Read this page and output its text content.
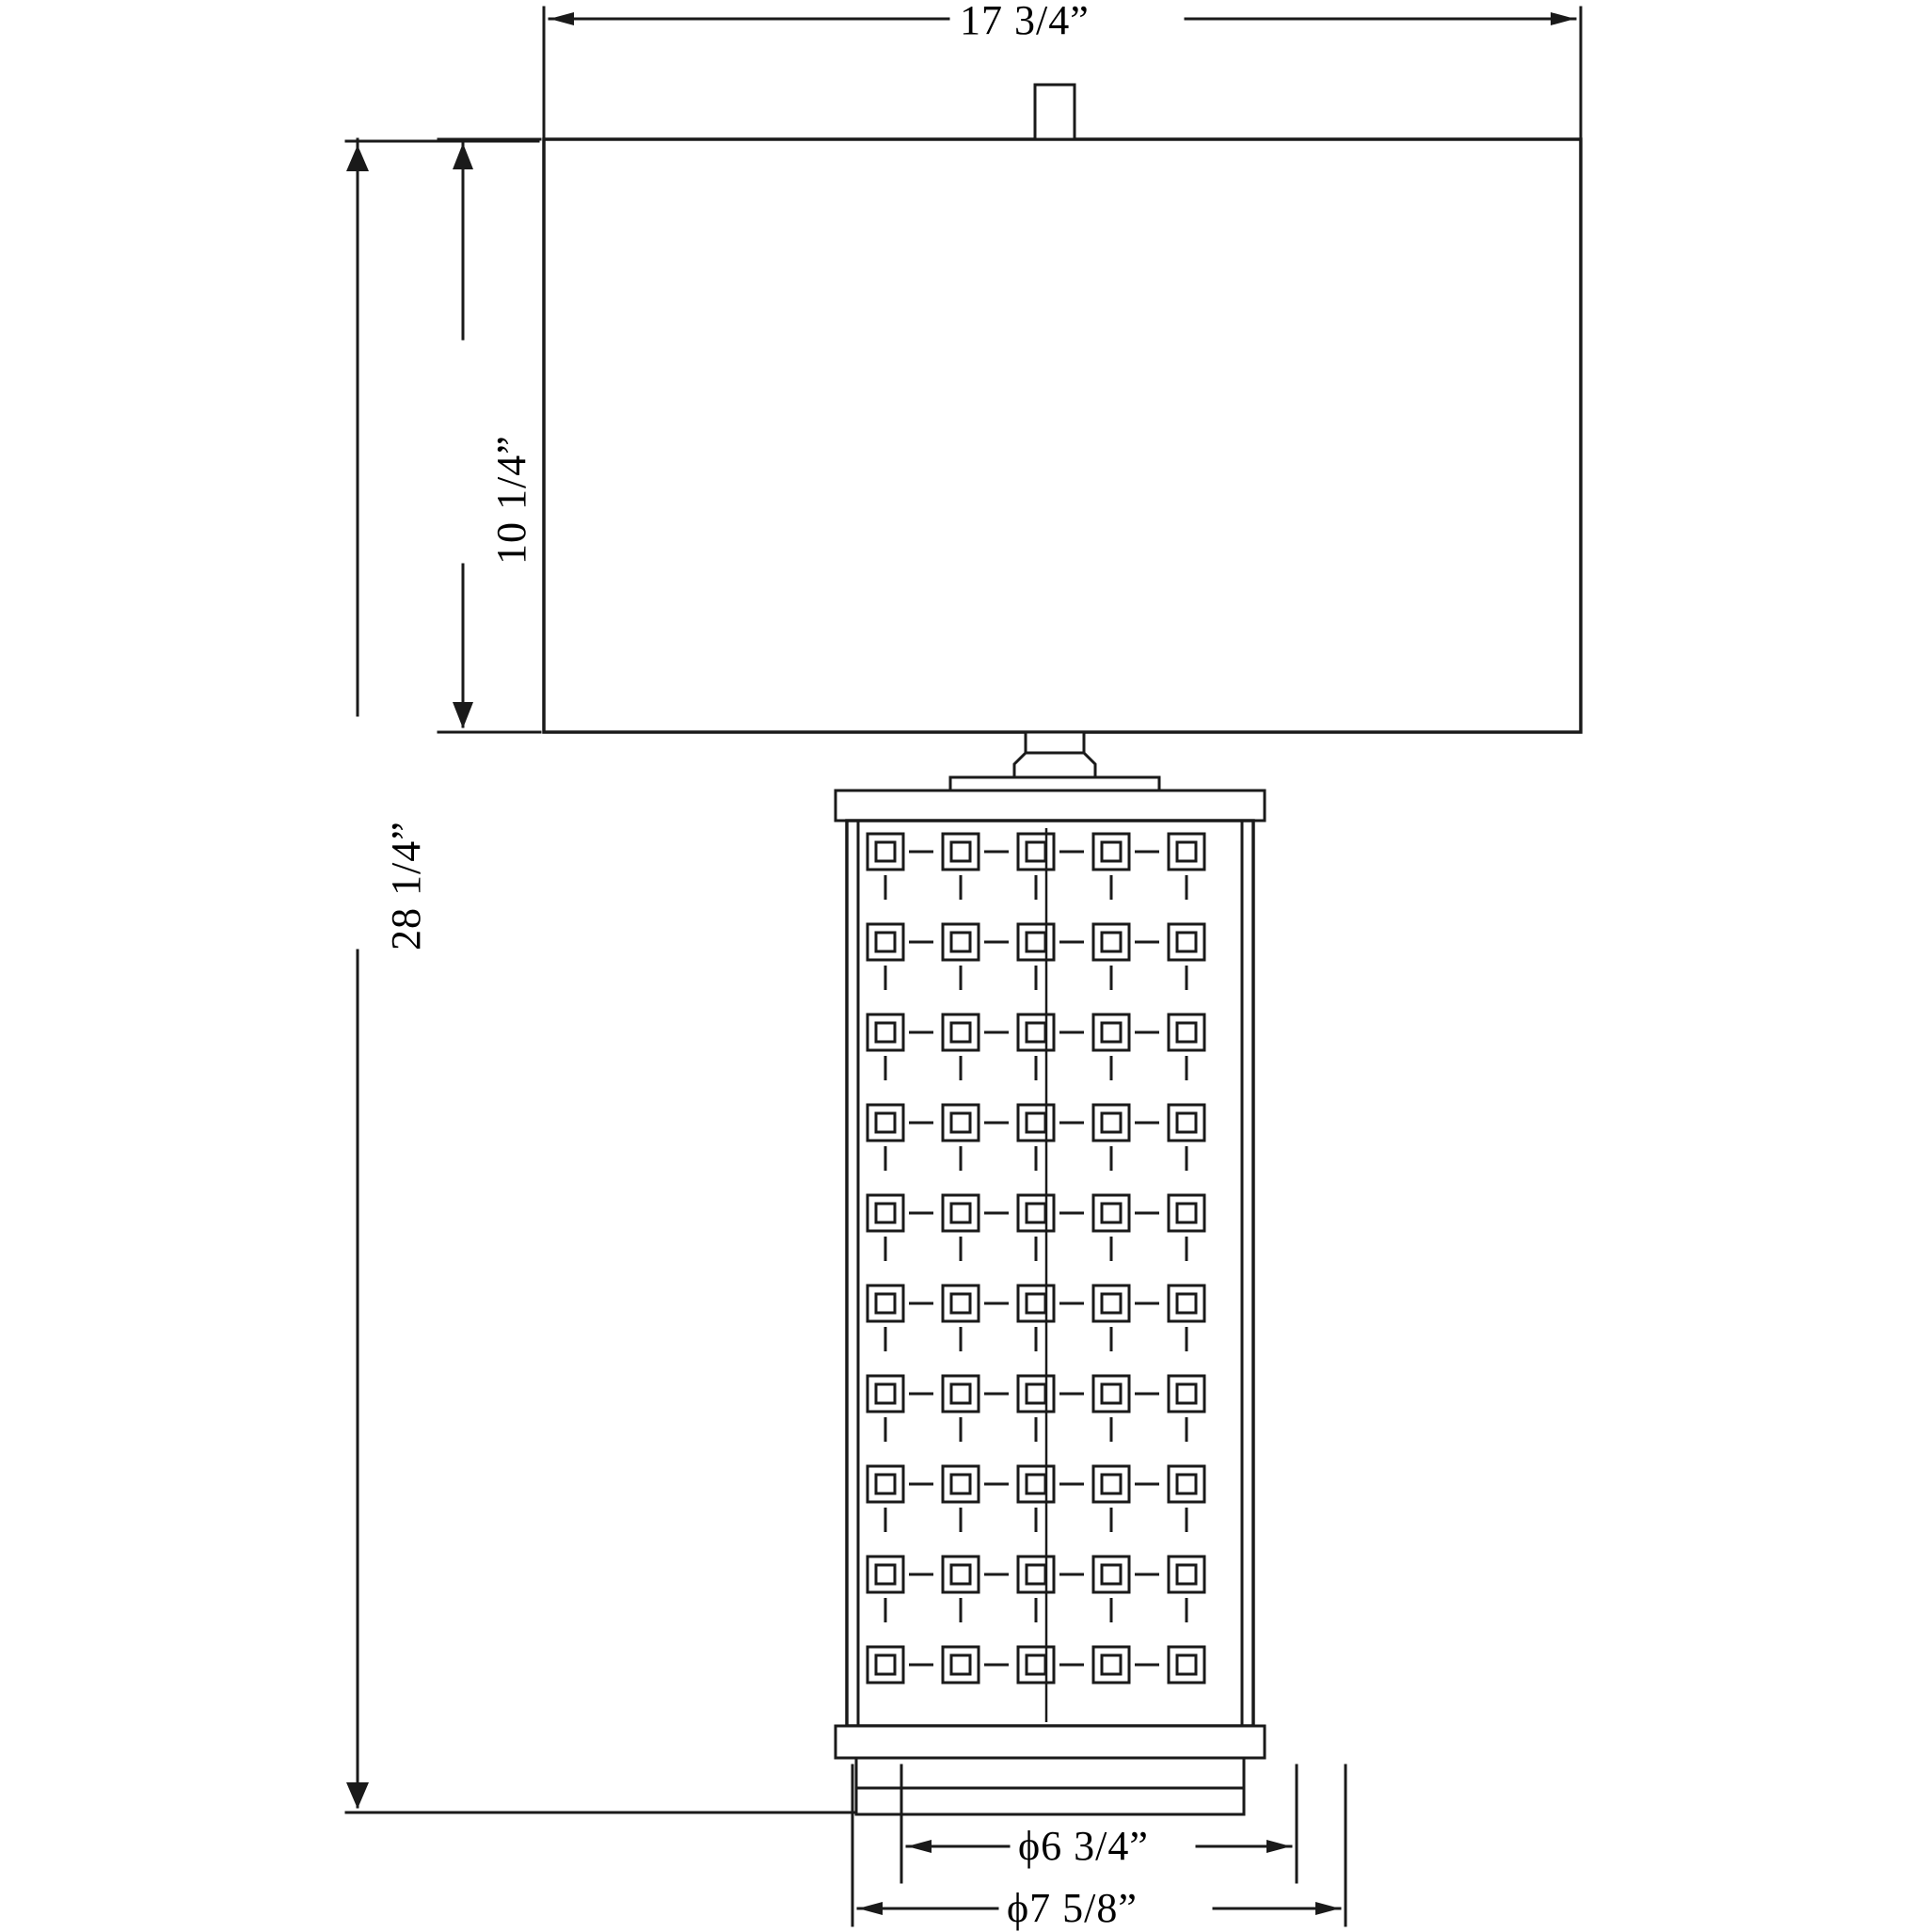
17 3/4”
10 1/4”
28 1/4”
ϕ6 3/4”
ϕ7 5/8”
